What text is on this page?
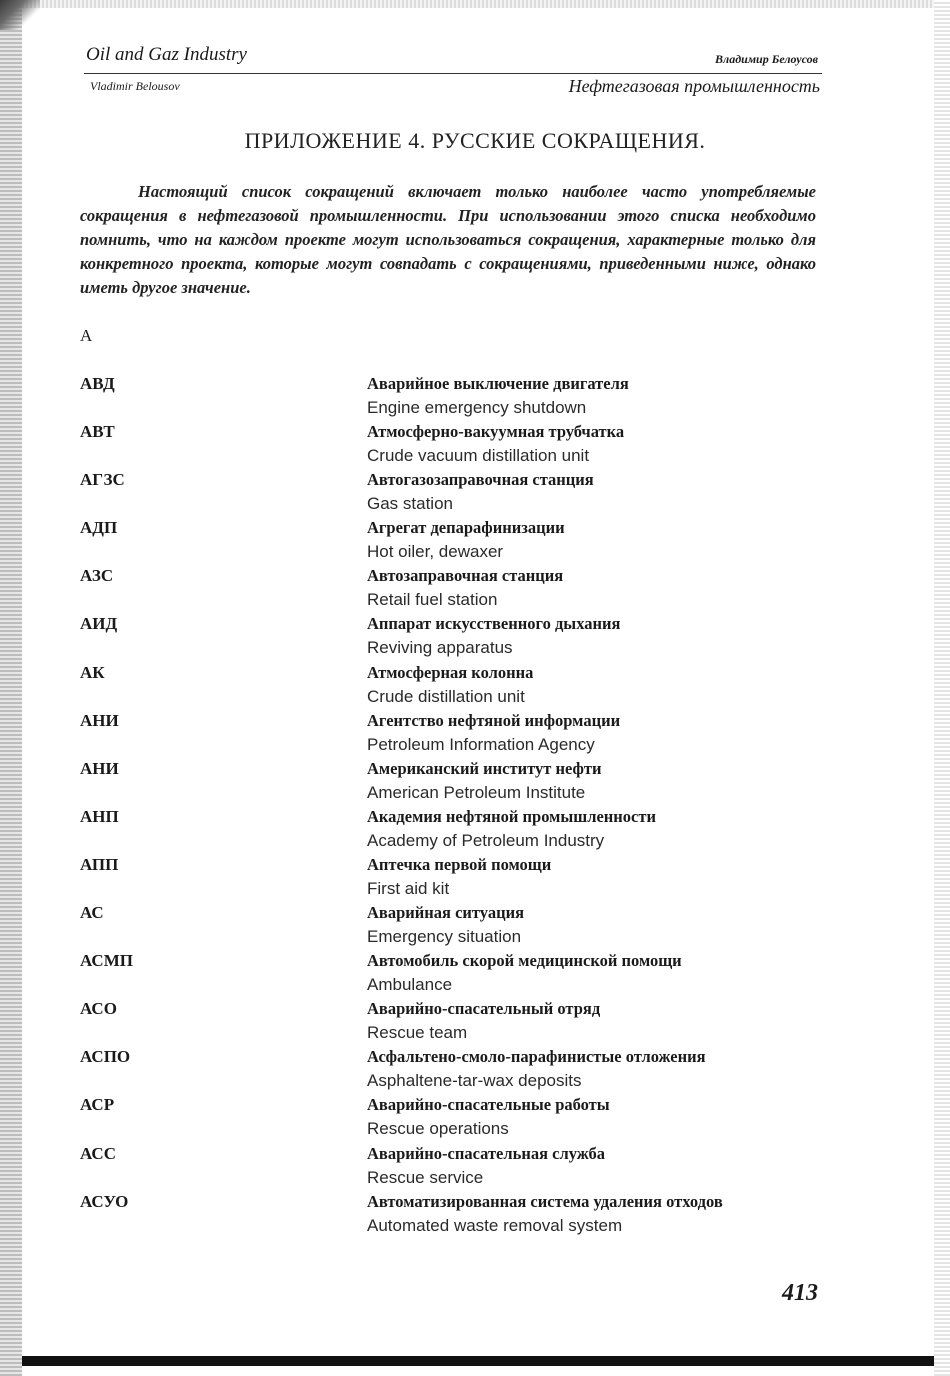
Oil and Gaz Industry	Владимир Белоусов
Vladimir Belousov	Нефтегазовая промышленность
ПРИЛОЖЕНИЕ 4. РУССКИЕ СОКРАЩЕНИЯ.
Настоящий список сокращений включает только наиболее часто употребляемые сокращения в нефтегазовой промышленности. При использовании этого списка необходимо помнить, что на каждом проекте могут использоваться сокращения, характерные только для конкретного проекта, которые могут совпадать с сокращениями, приведенными ниже, однако иметь другое значение.
А
АВД	Аварийное выключение двигателя
Engine emergency shutdown
АВТ	Атмосферно-вакуумная трубчатка
Crude vacuum distillation unit
АГЗС	Автогазозаправочная станция
Gas station
АДП	Агрегат депарафинизации
Hot oiler, dewaxer
АЗС	Автозаправочная станция
Retail fuel station
АИД	Аппарат искусственного дыхания
Reviving apparatus
АК	Атмосферная колонна
Crude distillation unit
АНИ	Агентство нефтяной информации
Petroleum Information Agency
АНИ	Американский институт нефти
American Petroleum Institute
АНП	Академия нефтяной промышленности
Academy of Petroleum Industry
АПП	Аптечка первой помощи
First aid kit
АС	Аварийная ситуация
Emergency situation
АСМП	Автомобиль скорой медицинской помощи
Ambulance
АСО	Аварийно-спасательный отряд
Rescue team
АСПО	Асфальтено-смоло-парафинистые отложения
Asphaltene-tar-wax deposits
АСР	Аварийно-спасательные работы
Rescue operations
АСС	Аварийно-спасательная служба
Rescue service
АСУО	Автоматизированная система удаления отходов
Automated waste removal system
413
